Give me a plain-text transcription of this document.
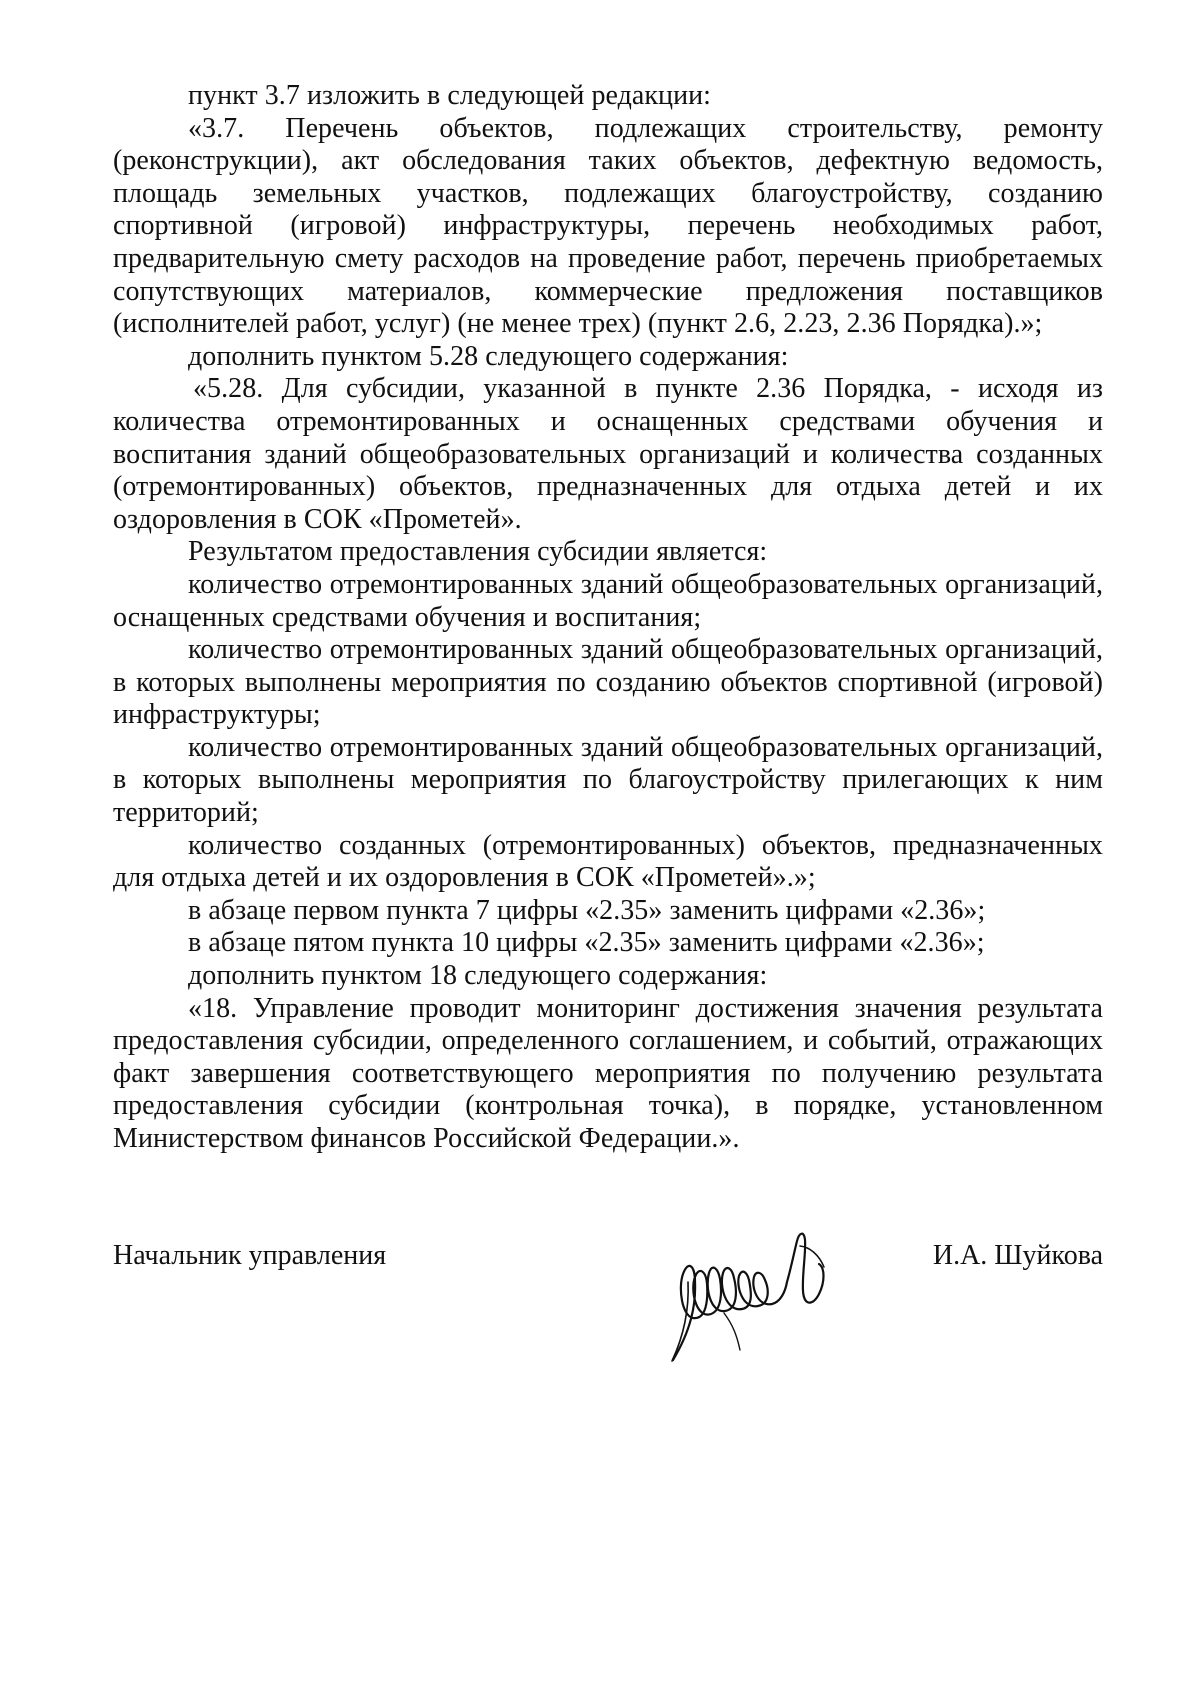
пункт 3.7 изложить в следующей редакции:

«3.7. Перечень объектов, подлежащих строительству, ремонту (реконструкции), акт обследования таких объектов, дефектную ведомость, площадь земельных участков, подлежащих благоустройству, созданию спортивной (игровой) инфраструктуры, перечень необходимых работ, предварительную смету расходов на проведение работ, перечень приобретаемых сопутствующих материалов, коммерческие предложения поставщиков (исполнителей работ, услуг) (не менее трех) (пункт 2.6, 2.23, 2.36 Порядка).»;

дополнить пунктом 5.28 следующего содержания:

«5.28. Для субсидии, указанной в пункте 2.36 Порядка, - исходя из количества отремонтированных и оснащенных средствами обучения и воспитания зданий общеобразовательных организаций и количества созданных (отремонтированных) объектов, предназначенных для отдыха детей и их оздоровления в СОК «Прометей».

Результатом предоставления субсидии является:

количество отремонтированных зданий общеобразовательных организаций, оснащенных средствами обучения и воспитания;

количество отремонтированных зданий общеобразовательных организаций, в которых выполнены мероприятия по созданию объектов спортивной (игровой) инфраструктуры;

количество отремонтированных зданий общеобразовательных организаций, в которых выполнены мероприятия по благоустройству прилегающих к ним территорий;

количество созданных (отремонтированных) объектов, предназначенных для отдыха детей и их оздоровления в СОК «Прометей».»;

в абзаце первом пункта 7 цифры «2.35» заменить цифрами «2.36»;

в абзаце пятом пункта 10 цифры «2.35» заменить цифрами «2.36»;

дополнить пунктом 18 следующего содержания:

«18. Управление проводит мониторинг достижения значения результата предоставления субсидии, определенного соглашением, и событий, отражающих факт завершения соответствующего мероприятия по получению результата предоставления субсидии (контрольная точка), в порядке, установленном Министерством финансов Российской Федерации.».

Начальник управления	И.А. Шуйкова
